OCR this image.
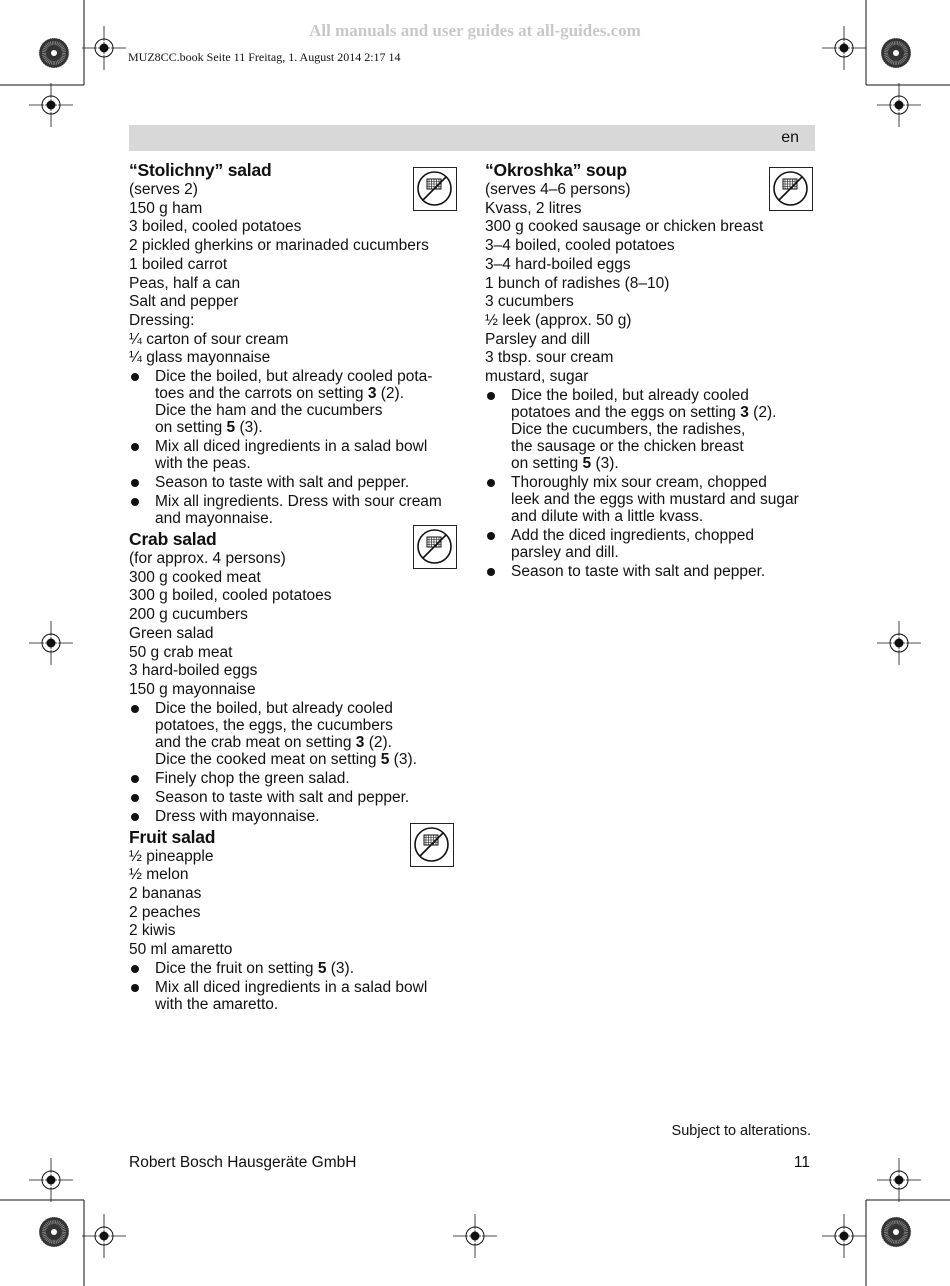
All manuals and user guides at all-guides.com
MUZ8CC.book Seite 11 Freitag, 1. August 2014 2:17 14
en
“Stolichny” salad
(serves 2)
150 g ham
3 boiled, cooled potatoes
2 pickled gherkins or marinaded cucumbers
1 boiled carrot
Peas, half a can
Salt and pepper
Dressing:
¼ carton of sour cream
¼ glass mayonnaise
Dice the boiled, but already cooled pota-
toes and the carrots on setting 3 (2).
Dice the ham and the cucumbers
on setting 5 (3).
Mix all diced ingredients in a salad bowl
with the peas.
Season to taste with salt and pepper.
Mix all ingredients. Dress with sour cream
and mayonnaise.
Crab salad
(for approx. 4 persons)
300 g cooked meat
300 g boiled, cooled potatoes
200 g cucumbers
Green salad
50 g crab meat
3 hard-boiled eggs
150 g mayonnaise
Dice the boiled, but already cooled
potatoes, the eggs, the cucumbers
and the crab meat on setting 3 (2).
Dice the cooked meat on setting 5 (3).
Finely chop the green salad.
Season to taste with salt and pepper.
Dress with mayonnaise.
Fruit salad
½ pineapple
½ melon
2 bananas
2 peaches
2 kiwis
50 ml amaretto
Dice the fruit on setting 5 (3).
Mix all diced ingredients in a salad bowl
with the amaretto.
“Okroshka” soup
(serves 4–6 persons)
Kvass, 2 litres
300 g cooked sausage or chicken breast
3–4 boiled, cooled potatoes
3–4 hard-boiled eggs
1 bunch of radishes (8–10)
3 cucumbers
½ leek (approx. 50 g)
Parsley and dill
3 tbsp. sour cream
mustard, sugar
Dice the boiled, but already cooled
potatoes and the eggs on setting 3 (2).
Dice the cucumbers, the radishes,
the sausage or the chicken breast
on setting 5 (3).
Thoroughly mix sour cream, chopped
leek and the eggs with mustard and sugar
and dilute with a little kvass.
Add the diced ingredients, chopped
parsley and dill.
Season to taste with salt and pepper.
Subject to alterations.
Robert Bosch Hausgeräte GmbH	11
